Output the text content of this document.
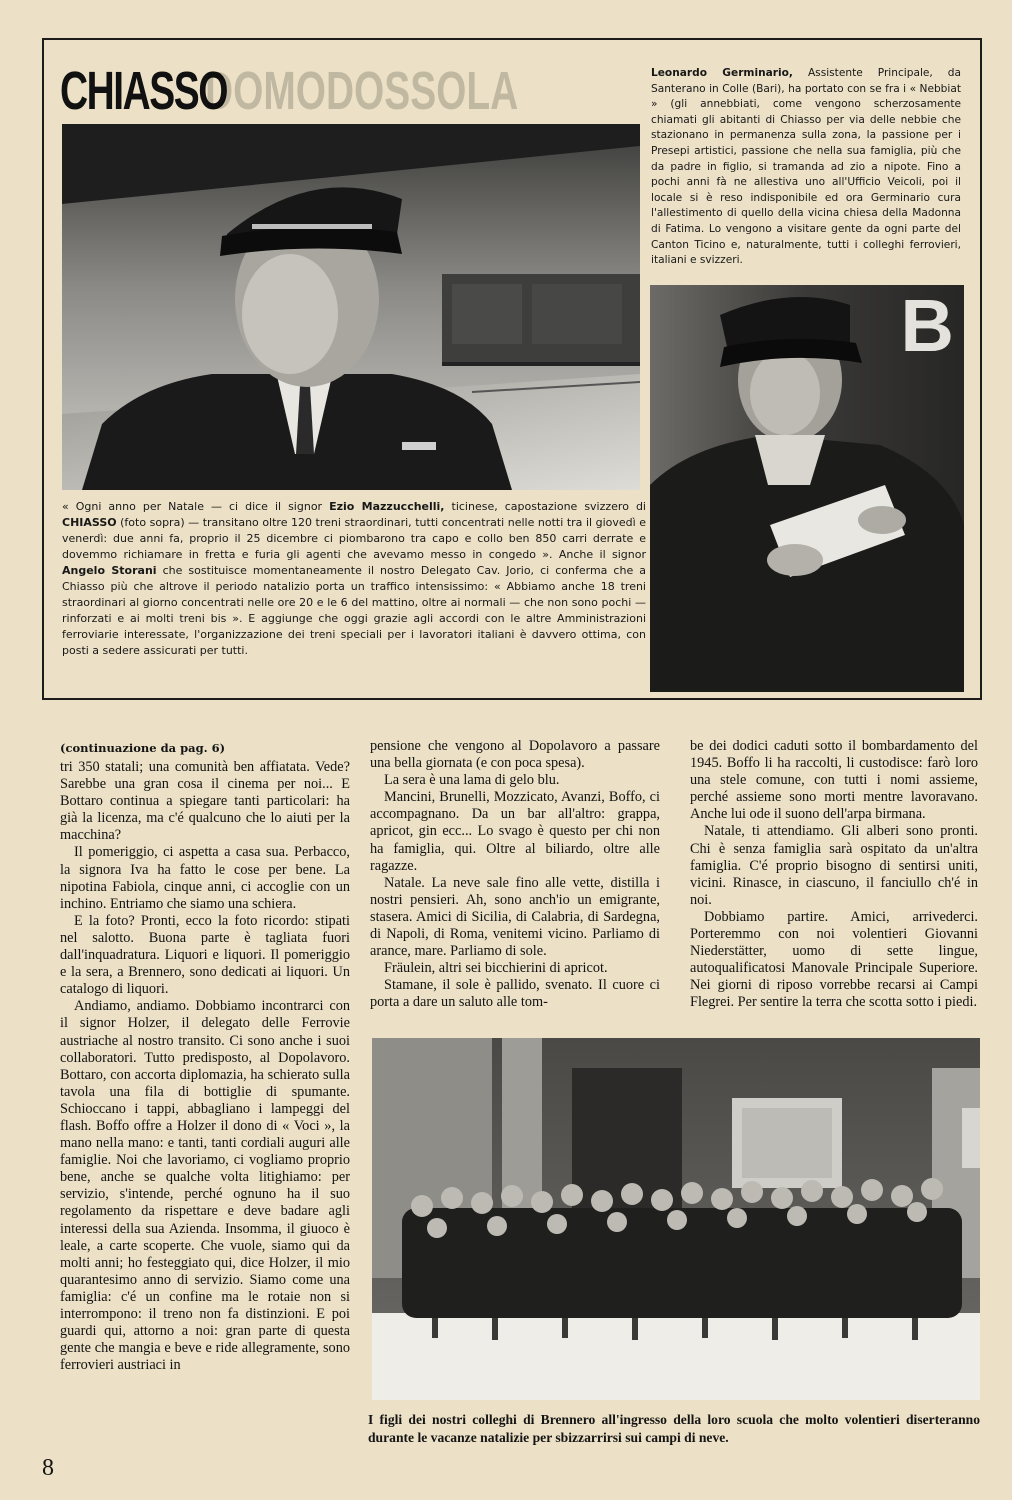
CHIASSO
DOMODOSSOLA
B
Leonardo Germinario, Assistente Principale, da Santerano in Colle (Bari), ha portato con se fra i « Nebbiat » (gli annebbiati, come vengono scherzosamente chiamati gli abitanti di Chiasso per via delle nebbie che stazionano in permanenza sulla zona, la passione per i Presepi artistici, passione che nella sua famiglia, più che da padre in figlio, si tramanda ad zio a nipote. Fino a pochi anni fà ne allestiva uno all'Ufficio Veicoli, poi il locale si è reso indisponibile ed ora Germinario cura l'allestimento di quello della vicina chiesa della Madonna di Fatima. Lo vengono a visitare gente da ogni parte del Canton Ticino e, naturalmente, tutti i colleghi ferrovieri, italiani e svizzeri.
« Ogni anno per Natale — ci dice il signor Ezio Mazzucchelli, ticinese, capostazione svizzero di CHIASSO (foto sopra) — transitano oltre 120 treni straordinari, tutti concentrati nelle notti tra il giovedì e venerdì: due anni fa, proprio il 25 dicembre ci piombarono tra capo e collo ben 850 carri derrate e dovemmo richiamare in fretta e furia gli agenti che avevamo messo in congedo ». Anche il signor Angelo Storani che sostituisce momentaneamente il nostro Delegato Cav. Jorio, ci conferma che a Chiasso più che altrove il periodo natalizio porta un traffico intensissimo: « Abbiamo anche 18 treni straordinari al giorno concentrati nelle ore 20 e le 6 del mattino, oltre ai normali — che non sono pochi — rinforzati e ai molti treni bis ». E aggiunge che oggi grazie agli accordi con le altre Amministrazioni ferroviarie interessate, l'organizzazione dei treni speciali per i lavoratori italiani è davvero ottima, con posti a sedere assicurati per tutti.
(continuazione da pag. 6)

tri 350 statali; una comunità ben affiatata. Vede? Sarebbe una gran cosa il cinema per noi... E Bottaro continua a spiegare tanti particolari: ha già la licenza, ma c'é qualcuno che lo aiuti per la macchina?

Il pomeriggio, ci aspetta a casa sua. Perbacco, la signora Iva ha fatto le cose per bene. La nipotina Fabiola, cinque anni, ci accoglie con un inchino. Entriamo che siamo una schiera.

E la foto? Pronti, ecco la foto ricordo: stipati nel salotto. Buona parte è tagliata fuori dall'inquadratura. Liquori e liquori. Il pomeriggio e la sera, a Brennero, sono dedicati ai liquori. Un catalogo di liquori.

Andiamo, andiamo. Dobbiamo incontrarci con il signor Holzer, il delegato delle Ferrovie austriache al nostro transito. Ci sono anche i suoi collaboratori. Tutto predisposto, al Dopolavoro. Bottaro, con accorta diplomazia, ha schierato sulla tavola una fila di bottiglie di spumante. Schioccano i tappi, abbagliano i lampeggi del flash. Boffo offre a Holzer il dono di « Voci », la mano nella mano: e tanti, tanti cordiali auguri alle famiglie. Noi che lavoriamo, ci vogliamo proprio bene, anche se qualche volta litighiamo: per servizio, s'intende, perché ognuno ha il suo regolamento da rispettare e deve badare agli interessi della sua Azienda. Insomma, il giuoco è leale, a carte scoperte. Che vuole, siamo qui da molti anni; ho festeggiato qui, dice Holzer, il mio quarantesimo anno di servizio. Siamo come una famiglia: c'é un confine ma le rotaie non si interrompono: il treno non fa distinzioni. E poi guardi qui, attorno a noi: gran parte di questa gente che mangia e beve e ride allegramente, sono ferrovieri austriaci in

pensione che vengono al Dopolavoro a passare una bella giornata (e con poca spesa).

La sera è una lama di gelo blu.

Mancini, Brunelli, Mozzicato, Avanzi, Boffo, ci accompagnano. Da un bar all'altro: grappa, apricot, gin ecc... Lo svago è questo per chi non ha famiglia, qui. Oltre al biliardo, oltre alle ragazze.

Natale. La neve sale fino alle vette, distilla i nostri pensieri. Ah, sono anch'io un emigrante, stasera. Amici di Sicilia, di Calabria, di Sardegna, di Napoli, di Roma, venitemi vicino. Parliamo di arance, mare. Parliamo di sole.

Fräulein, altri sei bicchierini di apricot.

Stamane, il sole è pallido, svenato. Il cuore ci porta a dare un saluto alle tom-

be dei dodici caduti sotto il bombardamento del 1945. Boffo li ha raccolti, li custodisce: farò loro una stele comune, con tutti i nomi assieme, perché assieme sono morti mentre lavoravano. Anche lui ode il suono dell'arpa birmana.

Natale, ti attendiamo. Gli alberi sono pronti. Chi è senza famiglia sarà ospitato da un'altra famiglia. C'é proprio bisogno di sentirsi uniti, vicini. Rinasce, in ciascuno, il fanciullo ch'é in noi.

Dobbiamo partire. Amici, arrivederci. Porteremmo con noi volentieri Giovanni Niederstätter, uomo di sette lingue, autoqualificatosi Manovale Principale Superiore. Nei giorni di riposo vorrebbe recarsi ai Campi Flegrei. Per sentire la terra che scotta sotto i piedi.

I figli dei nostri colleghi di Brennero all'ingresso della loro scuola che molto volentieri diserteranno durante le vacanze natalizie per sbizzarrirsi sui campi di neve.
8
